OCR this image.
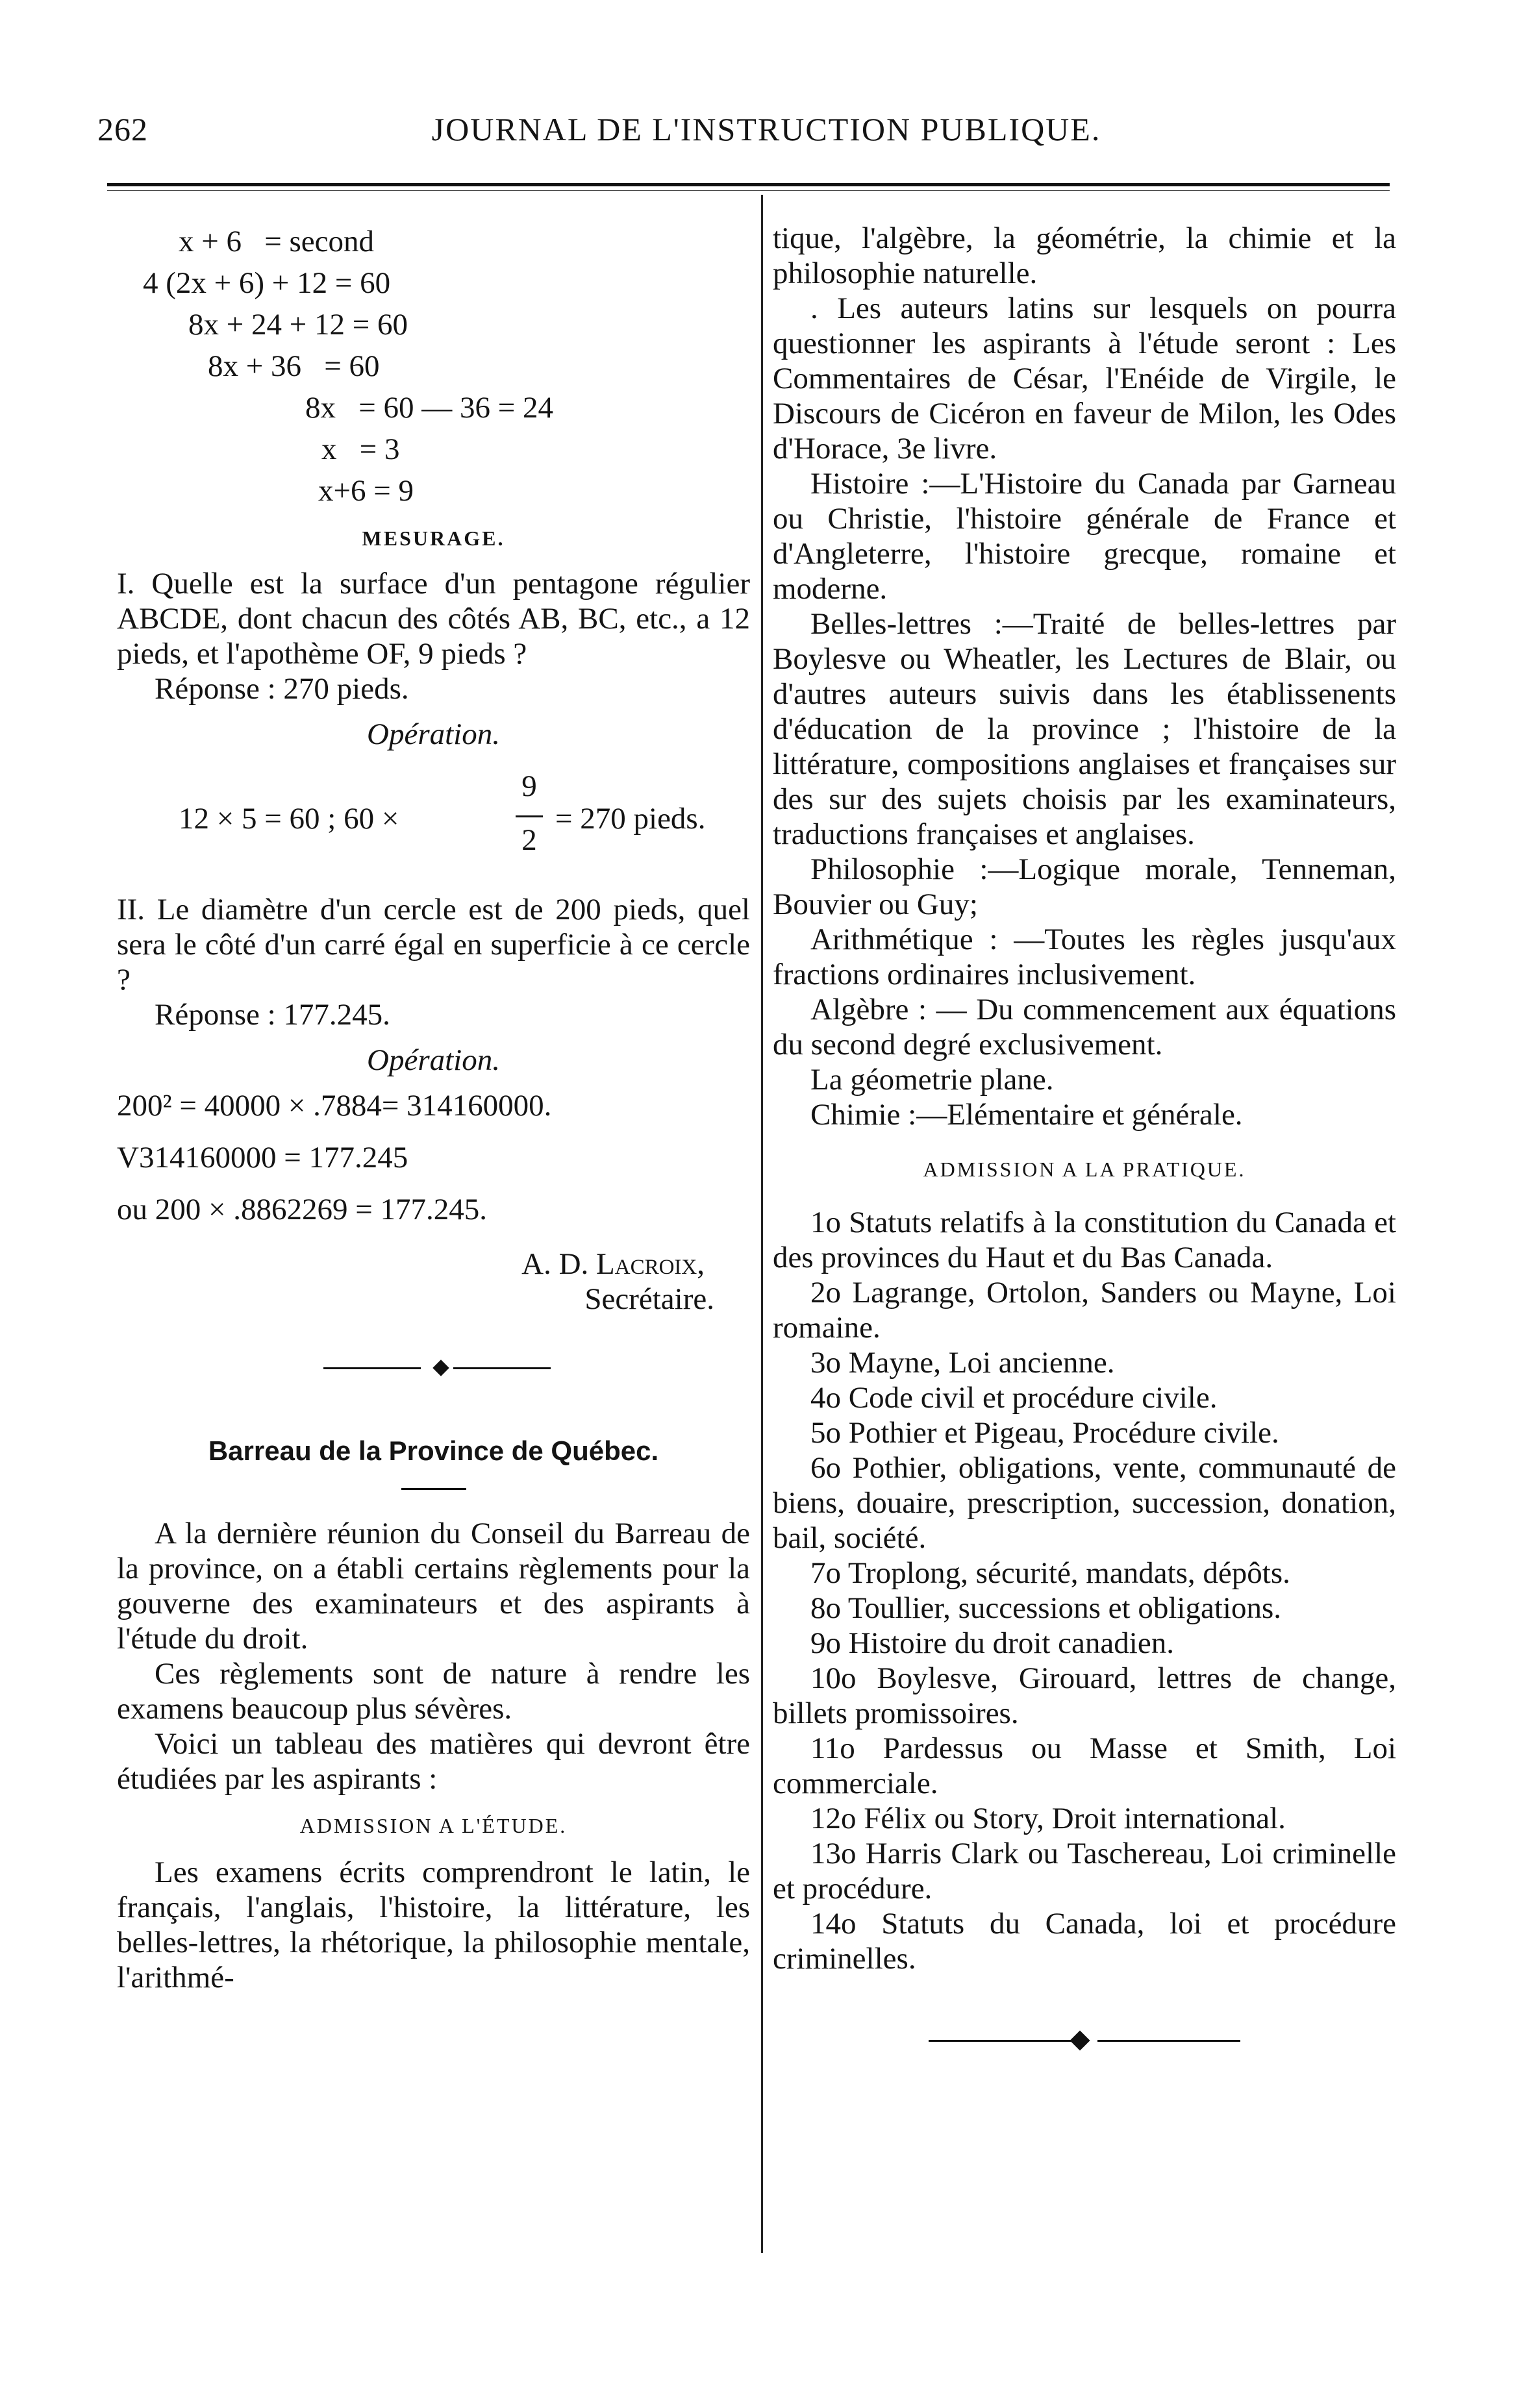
262	JOURNAL DE L'INSTRUCTION PUBLIQUE.
x + 6   = second
4 (2x + 6) + 12 = 60
8x + 24 + 12 = 60
8x + 36   = 60
8x   = 60 — 36 = 24
x   = 3
x+6 = 9
MESURAGE.
I. Quelle est la surface d'un pentagone régulier ABCDE, dont chacun des côtés AB, BC, etc., a 12 pieds, et l'apothème OF, 9 pieds ?
Réponse : 270 pieds.
Opération.
12 × 5 = 60 ; 60 ×
9
2
= 270 pieds.
II. Le diamètre d'un cercle est de 200 pieds, quel sera le côté d'un carré égal en superficie à ce cercle ?
Réponse : 177.245.
Opération.
200² = 40000 × .7884= 314160000.
V314160000 = 177.245
ou 200 × .8862269 = 177.245.
A. D. Lacroix,
Secrétaire.
Barreau de la Province de Québec.
A la dernière réunion du Conseil du Barreau de la province, on a établi certains règlements pour la gouverne des examinateurs et des aspirants à l'étude du droit.
Ces règlements sont de nature à rendre les examens beaucoup plus sévères.
Voici un tableau des matières qui devront être étudiées par les aspirants :
ADMISSION A L'ÉTUDE.
Les examens écrits comprendront le latin, le français, l'anglais, l'histoire, la littérature, les belles-lettres, la rhétorique, la philosophie mentale, l'arithmé-
tique, l'algèbre, la géométrie, la chimie et la philosophie naturelle.
. Les auteurs latins sur lesquels on pourra questionner les aspirants à l'étude seront : Les Commentaires de César, l'Enéide de Virgile, le Discours de Cicéron en faveur de Milon, les Odes d'Horace, 3e livre.
Histoire :—L'Histoire du Canada par Garneau ou Christie, l'histoire générale de France et d'Angleterre, l'histoire grecque, romaine et moderne.
Belles-lettres :—Traité de belles-lettres par Boylesve ou Wheatler, les Lectures de Blair, ou d'autres auteurs suivis dans les établissenents d'éducation de la province ; l'histoire de la littérature, compositions anglaises et françaises sur des sur des sujets choisis par les examinateurs, traductions françaises et anglaises.
Philosophie :—Logique morale, Tenneman, Bouvier ou Guy;
Arithmétique : —Toutes les règles jusqu'aux fractions ordinaires inclusivement.
Algèbre : — Du commencement aux équations du second degré exclusivement.
La géometrie plane.
Chimie :—Elémentaire et générale.
ADMISSION A LA PRATIQUE.
1o Statuts relatifs à la constitution du Canada et des provinces du Haut et du Bas Canada.
2o Lagrange, Ortolon, Sanders ou Mayne, Loi romaine.
3o Mayne, Loi ancienne.
4o Code civil et procédure civile.
5o Pothier et Pigeau, Procédure civile.
6o Pothier, obligations, vente, communauté de biens, douaire, prescription, succession, donation, bail, société.
7o Troplong, sécurité, mandats, dépôts.
8o Toullier, successions et obligations.
9o Histoire du droit canadien.
10o Boylesve, Girouard, lettres de change, billets promissoires.
11o Pardessus ou Masse et Smith, Loi commerciale.
12o Félix ou Story, Droit international.
13o Harris Clark ou Taschereau, Loi criminelle et procédure.
14o Statuts du Canada, loi et procédure criminelles.
